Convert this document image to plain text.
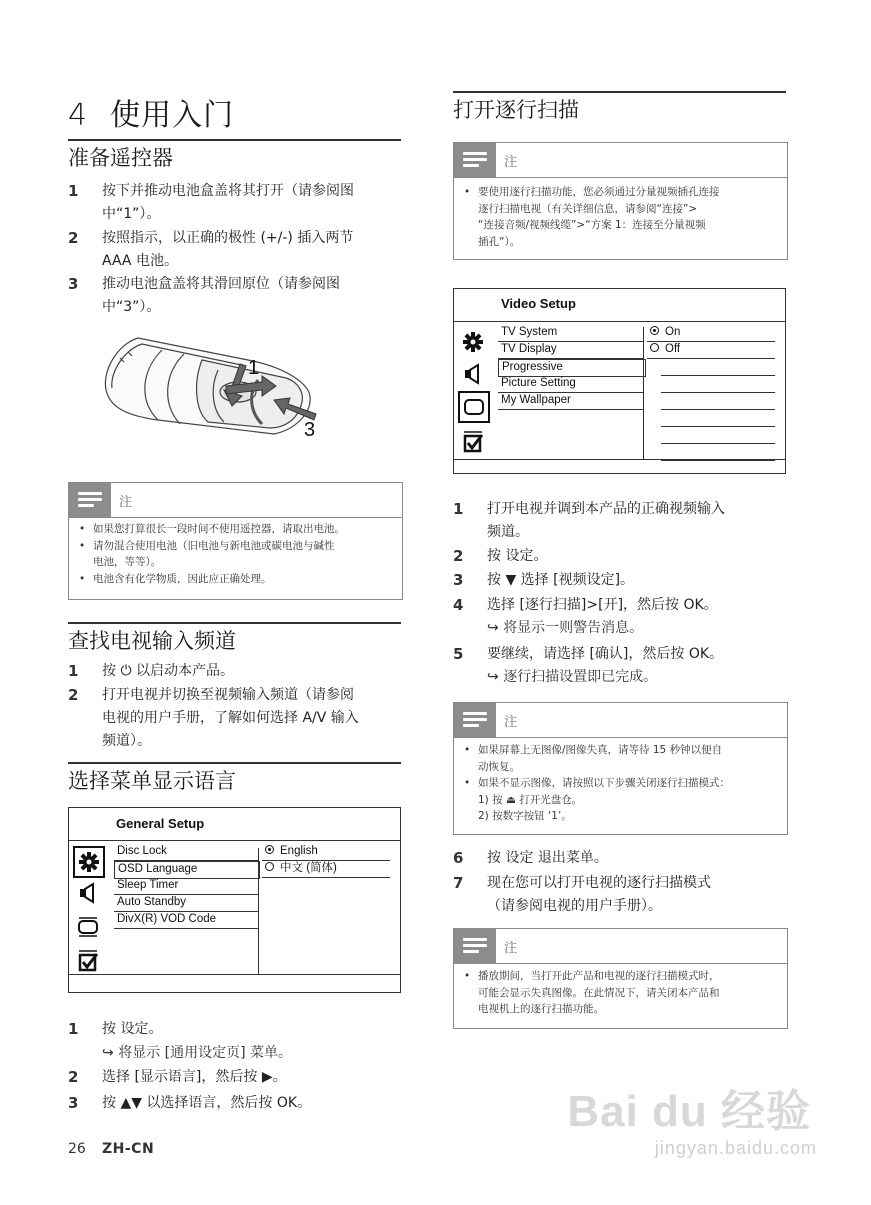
4 使用入门
准备遥控器
1 按下并推动电池盒盖将其打开（请参阅图
中“1”）。
2 按照指示，以正确的极性 (+/-) 插入两节
AAA 电池。
3 推动电池盒盖将其滑回原位（请参阅图
中“3”）。
1
3
注
• 如果您打算很长一段时间不使用遥控器，请取出电池。
• 请勿混合使用电池（旧电池与新电池或碳电池与碱性
电池，等等）。
• 电池含有化学物质，因此应正确处理。
查找电视输入频道
1 按 ⏻ 以启动本产品。
2 打开电视并切换至视频输入频道（请参阅
电视的用户手册，了解如何选择 A/V 输入
频道）。
选择菜单显示语言
General Setup
Disc Lock
OSD Language
Sleep Timer
Auto Standby
DivX(R) VOD Code
English
中文 (简体)
1 按 设定。
↪ 将显示 [通用设定页] 菜单。
2 选择 [显示语言]，然后按 ▶。
3 按 ▲▼ 以选择语言，然后按 OK。
26 ZH-CN
打开逐行扫描
注
• 要使用逐行扫描功能，您必须通过分量视频插孔连接
逐行扫描电视（有关详细信息，请参阅“连接”>
“连接音频/视频线缆”>“方案 1：连接至分量视频
插孔”）。
Video Setup
TV System
TV Display
Progressive
Picture Setting
My Wallpaper
On
Off
1 打开电视并调到本产品的正确视频输入
频道。
2 按 设定。
3 按 ▼ 选择 [视频设定]。
4 选择 [逐行扫描]>[开]，然后按 OK。
↪ 将显示一则警告消息。
5 要继续，请选择 [确认]，然后按 OK。
↪ 逐行扫描设置即已完成。
注
• 如果屏幕上无图像/图像失真，请等待 15 秒钟以便自
动恢复。
• 如果不显示图像，请按照以下步骤关闭逐行扫描模式：
1) 按 ⏏ 打开光盘仓。
2) 按数字按钮 ‘1’。
6 按 设定 退出菜单。
7 现在您可以打开电视的逐行扫描模式
（请参阅电视的用户手册）。
注
• 播放期间，当打开此产品和电视的逐行扫描模式时，
可能会显示失真图像。在此情况下，请关闭本产品和
电视机上的逐行扫描功能。
Bai du 经验
jingyan.baidu.com
